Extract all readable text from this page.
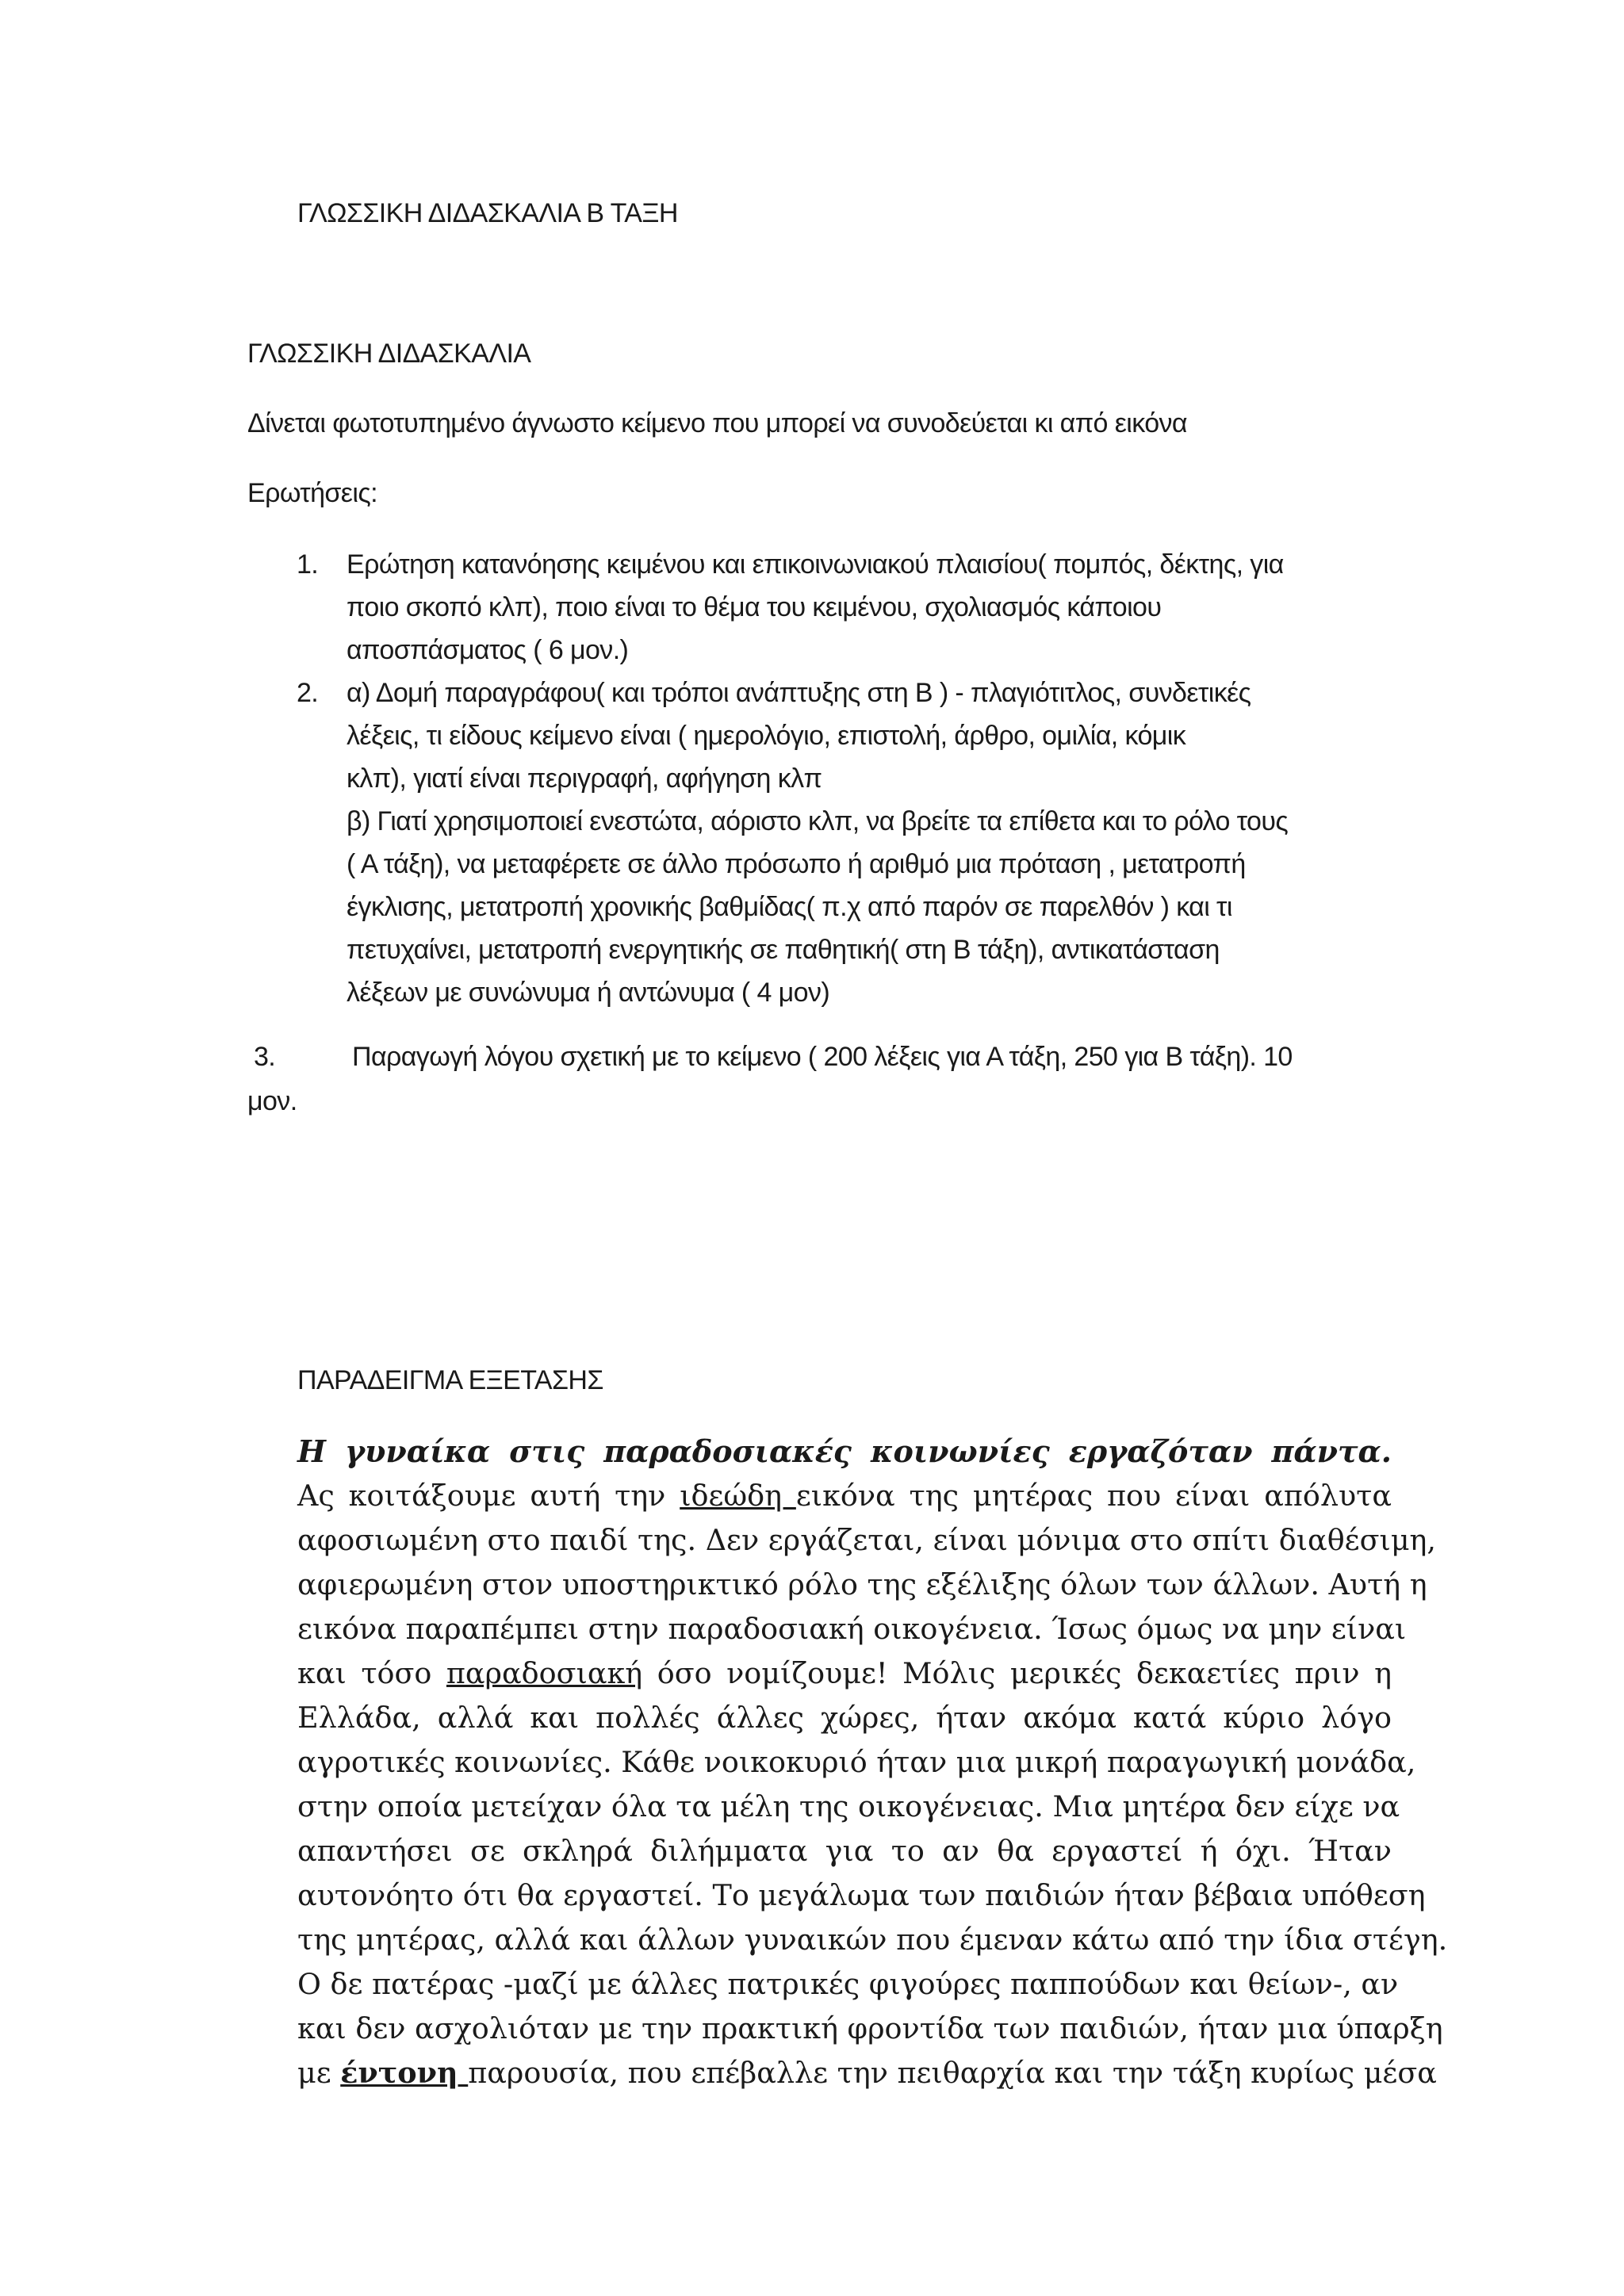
ΓΛΩΣΣΙΚΗ ΔΙΔΑΣΚΑΛΙΑ Β ΤΑΞΗ
ΓΛΩΣΣΙΚΗ ΔΙΔΑΣΚΑΛΙΑ
Δίνεται φωτοτυπημένο άγνωστο κείμενο που μπορεί να συνοδεύεται κι από εικόνα
Ερωτήσεις:
1. Ερώτηση κατανόησης κειμένου και επικοινωνιακού πλαισίου( πομπός, δέκτης, για
ποιο σκοπό κλπ), ποιο είναι το θέμα του κειμένου, σχολιασμός κάποιου
αποσπάσματος ( 6 μον.)
2. α) Δομή παραγράφου( και τρόποι ανάπτυξης στη Β ) - πλαγιότιτλος, συνδετικές
λέξεις, τι είδους κείμενο είναι ( ημερολόγιο, επιστολή, άρθρο, ομιλία, κόμικ
κλπ), γιατί είναι περιγραφή, αφήγηση κλπ
β) Γιατί χρησιμοποιεί ενεστώτα, αόριστο κλπ, να βρείτε τα επίθετα και το ρόλο τους
( Α τάξη), να μεταφέρετε σε άλλο πρόσωπο ή αριθμό μια πρόταση , μετατροπή
έγκλισης, μετατροπή χρονικής βαθμίδας( π.χ από παρόν σε παρελθόν ) και τι
πετυχαίνει, μετατροπή ενεργητικής σε παθητική( στη Β τάξη), αντικατάσταση
λέξεων με συνώνυμα ή αντώνυμα ( 4 μον)
3.	Παραγωγή λόγου σχετική με το κείμενο ( 200 λέξεις για Α τάξη, 250 για Β τάξη). 10
μον.
ΠΑΡΑΔΕΙΓΜΑ ΕΞΕΤΑΣΗΣ
Η γυναίκα στις παραδοσιακές κοινωνίες εργαζόταν πάντα.
Ας κοιτάξουμε αυτή την ιδεώδη εικόνα της μητέρας που είναι απόλυτα
αφοσιωμένη στο παιδί της. Δεν εργάζεται, είναι μόνιμα στο σπίτι διαθέσιμη,
αφιερωμένη στον υποστηρικτικό ρόλο της εξέλιξης όλων των άλλων. Αυτή η
εικόνα παραπέμπει στην παραδοσιακή οικογένεια. Ίσως όμως να μην είναι
και τόσο παραδοσιακή όσο νομίζουμε! Μόλις μερικές δεκαετίες πριν η
Ελλάδα, αλλά και πολλές άλλες χώρες, ήταν ακόμα κατά κύριο λόγο
αγροτικές κοινωνίες. Κάθε νοικοκυριό ήταν μια μικρή παραγωγική μονάδα,
στην οποία μετείχαν όλα τα μέλη της οικογένειας. Μια μητέρα δεν είχε να
απαντήσει σε σκληρά διλήμματα για το αν θα εργαστεί ή όχι. Ήταν
αυτονόητο ότι θα εργαστεί. Το μεγάλωμα των παιδιών ήταν βέβαια υπόθεση
της μητέρας, αλλά και άλλων γυναικών που έμεναν κάτω από την ίδια στέγη.
Ο δε πατέρας -μαζί με άλλες πατρικές φιγούρες παππούδων και θείων-, αν
και δεν ασχολιόταν με την πρακτική φροντίδα των παιδιών, ήταν μια ύπαρξη
με έντονη παρουσία, που επέβαλλε την πειθαρχία και την τάξη κυρίως μέσα
